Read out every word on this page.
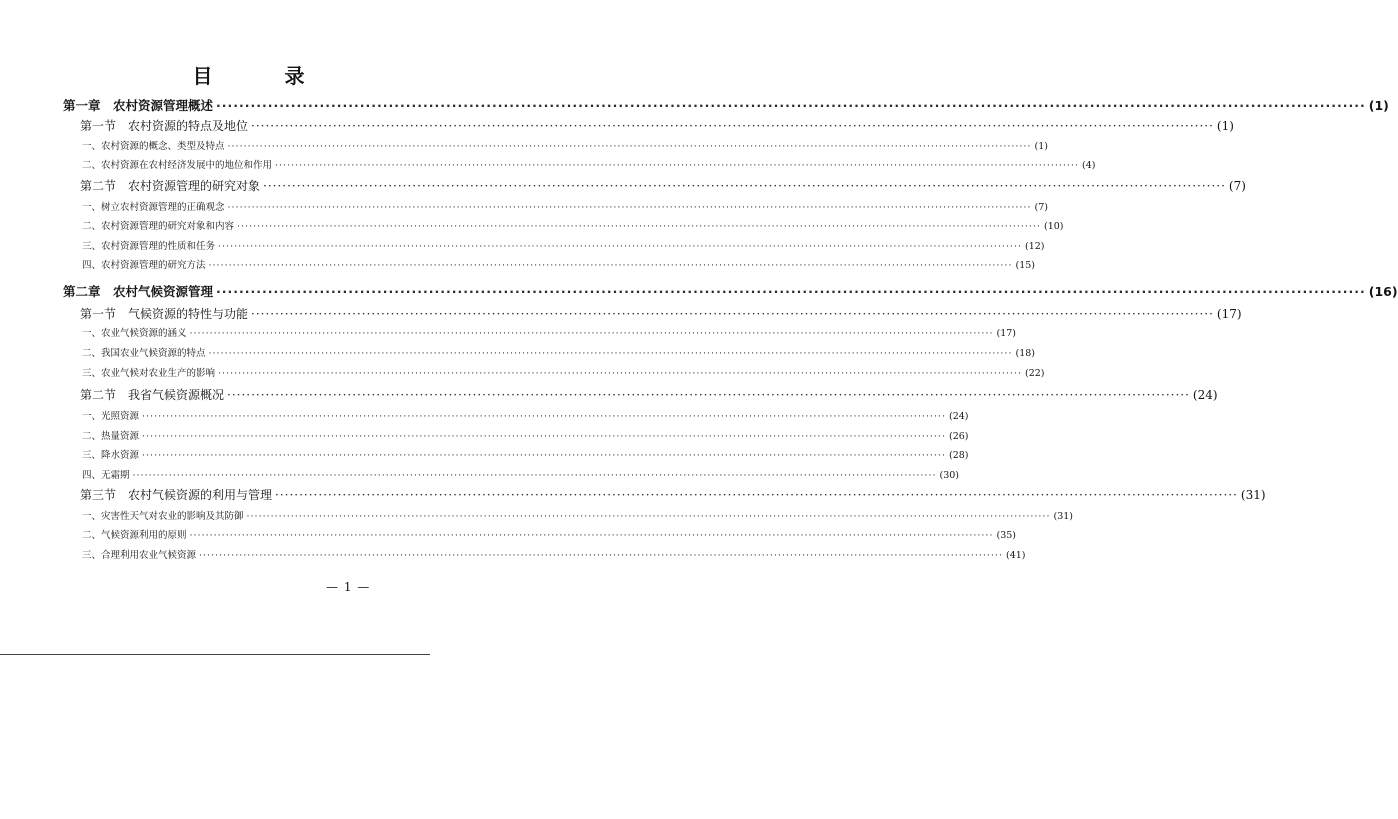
目　录
第一章　农村资源管理概述 ········································································································································································································ (1)
第一节　农村资源的特点及地位 ········································································································································································································ (1)
一、农村资源的概念、类型及特点 ········································································································································································································ (1)
二、农村资源在农村经济发展中的地位和作用 ········································································································································································································ (4)
第二节　农村资源管理的研究对象 ········································································································································································································ (7)
一、树立农村资源管理的正确观念 ········································································································································································································ (7)
二、农村资源管理的研究对象和内容 ········································································································································································································ (10)
三、农村资源管理的性质和任务 ········································································································································································································ (12)
四、农村资源管理的研究方法 ········································································································································································································ (15)
第二章　农村气候资源管理 ········································································································································································································ (16)
第一节　气候资源的特性与功能 ········································································································································································································ (17)
一、农业气候资源的涵义 ········································································································································································································ (17)
二、我国农业气候资源的特点 ········································································································································································································ (18)
三、农业气候对农业生产的影响 ········································································································································································································ (22)
第二节　我省气候资源概况 ········································································································································································································ (24)
一、光照资源 ········································································································································································································ (24)
二、热量资源 ········································································································································································································ (26)
三、降水资源 ········································································································································································································ (28)
四、无霜期 ········································································································································································································ (30)
第三节　农村气候资源的利用与管理 ········································································································································································································ (31)
一、灾害性天气对农业的影响及其防御 ········································································································································································································ (31)
二、气候资源利用的原则 ········································································································································································································ (35)
三、合理利用农业气候资源 ········································································································································································································ (41)
— 1 —
